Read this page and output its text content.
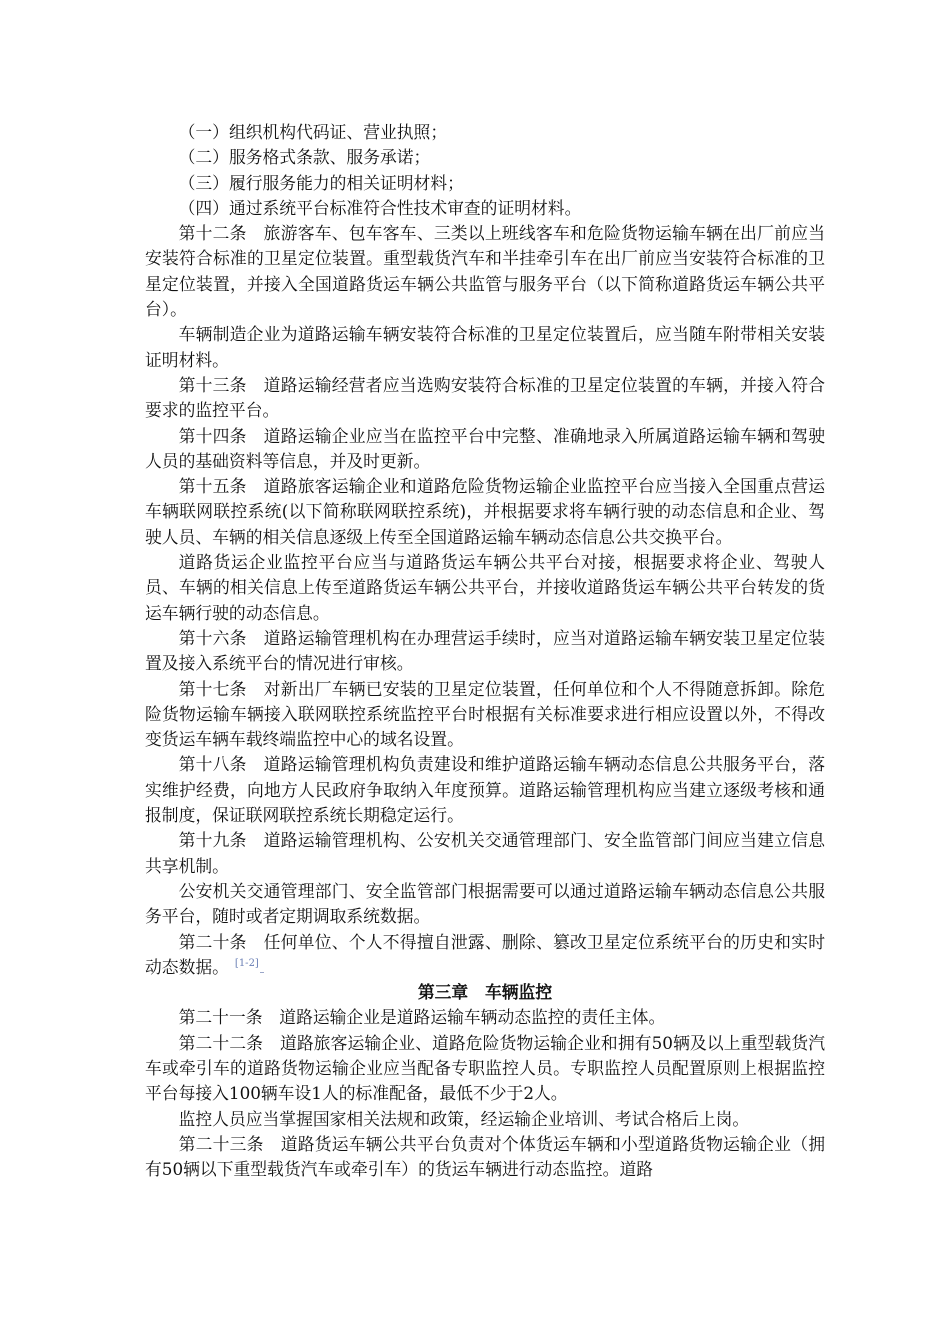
（一）组织机构代码证、营业执照；

（二）服务格式条款、服务承诺；

（三）履行服务能力的相关证明材料；

（四）通过系统平台标准符合性技术审查的证明材料。

第十二条　旅游客车、包车客车、三类以上班线客车和危险货物运输车辆在出厂前应当安装符合标准的卫星定位装置。重型载货汽车和半挂牵引车在出厂前应当安装符合标准的卫星定位装置，并接入全国道路货运车辆公共监管与服务平台（以下简称道路货运车辆公共平台）。

车辆制造企业为道路运输车辆安装符合标准的卫星定位装置后，应当随车附带相关安装证明材料。

第十三条　道路运输经营者应当选购安装符合标准的卫星定位装置的车辆，并接入符合要求的监控平台。

第十四条　道路运输企业应当在监控平台中完整、准确地录入所属道路运输车辆和驾驶人员的基础资料等信息，并及时更新。

第十五条　道路旅客运输企业和道路危险货物运输企业监控平台应当接入全国重点营运车辆联网联控系统(以下简称联网联控系统)，并根据要求将车辆行驶的动态信息和企业、驾驶人员、车辆的相关信息逐级上传至全国道路运输车辆动态信息公共交换平台。

道路货运企业监控平台应当与道路货运车辆公共平台对接，根据要求将企业、驾驶人员、车辆的相关信息上传至道路货运车辆公共平台，并接收道路货运车辆公共平台转发的货运车辆行驶的动态信息。

第十六条　道路运输管理机构在办理营运手续时，应当对道路运输车辆安装卫星定位装置及接入系统平台的情况进行审核。

第十七条　对新出厂车辆已安装的卫星定位装置，任何单位和个人不得随意拆卸。除危险货物运输车辆接入联网联控系统监控平台时根据有关标准要求进行相应设置以外，不得改变货运车辆车载终端监控中心的域名设置。

第十八条　道路运输管理机构负责建设和维护道路运输车辆动态信息公共服务平台，落实维护经费，向地方人民政府争取纳入年度预算。道路运输管理机构应当建立逐级考核和通报制度，保证联网联控系统长期稳定运行。

第十九条　道路运输管理机构、公安机关交通管理部门、安全监管部门间应当建立信息共享机制。

公安机关交通管理部门、安全监管部门根据需要可以通过道路运输车辆动态信息公共服务平台，随时或者定期调取系统数据。

第二十条　任何单位、个人不得擅自泄露、删除、篡改卫星定位系统平台的历史和实时动态数据。 [1-2]

第三章　车辆监控

第二十一条　道路运输企业是道路运输车辆动态监控的责任主体。

第二十二条　道路旅客运输企业、道路危险货物运输企业和拥有50辆及以上重型载货汽车或牵引车的道路货物运输企业应当配备专职监控人员。专职监控人员配置原则上根据监控平台每接入100辆车设1人的标准配备，最低不少于2人。

监控人员应当掌握国家相关法规和政策，经运输企业培训、考试合格后上岗。

第二十三条　道路货运车辆公共平台负责对个体货运车辆和小型道路货物运输企业（拥有50辆以下重型载货汽车或牵引车）的货运车辆进行动态监控。道路
